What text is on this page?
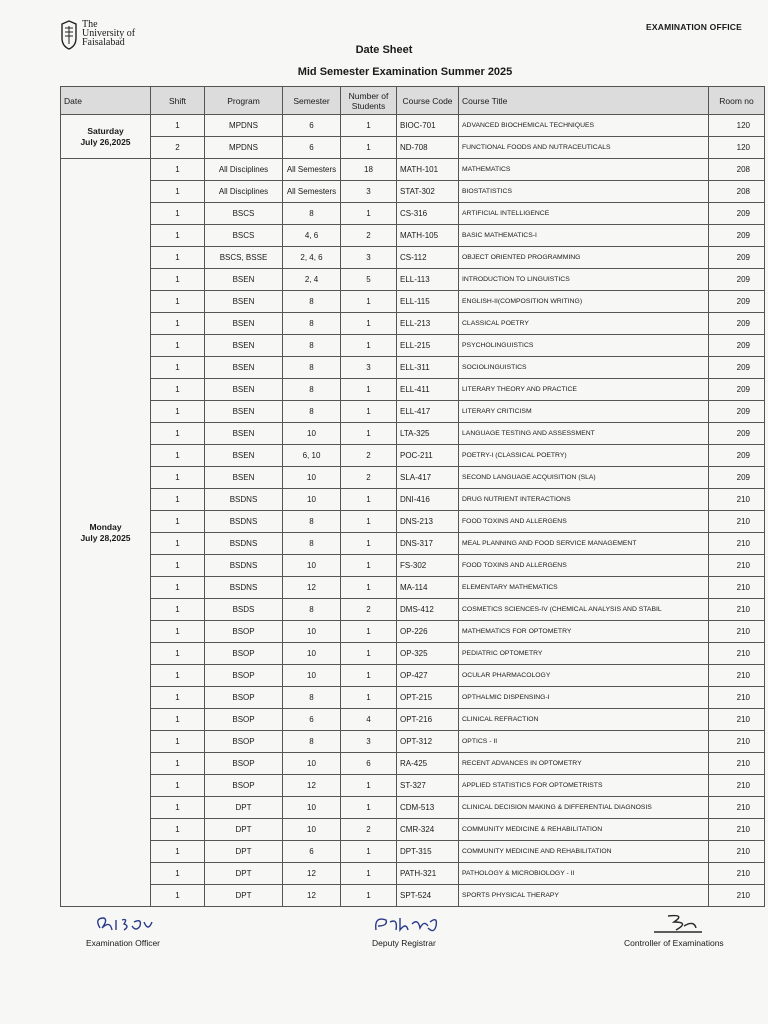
The
University of
Faisalabad
EXAMINATION OFFICE
Date Sheet
Mid Semester Examination Summer 2025
Date	Shift	Program	Semester	Number of Students	Course Code	Course Title	Room no

Saturday
July 26,2025	1	MPDNS	6	1	BIOC-701	ADVANCED BIOCHEMICAL TECHNIQUES	120
	2	MPDNS	6	1	ND-708	FUNCTIONAL FOODS AND NUTRACEUTICALS	120

Monday
July 28,2025	1	All Disciplines	All Semesters	18	MATH-101	MATHEMATICS	208
	1	All Disciplines	All Semesters	3	STAT-302	BIOSTATISTICS	208
	1	BSCS	8	1	CS-316	ARTIFICIAL INTELLIGENCE	209
	1	BSCS	4, 6	2	MATH-105	BASIC MATHEMATICS-I	209
	1	BSCS, BSSE	2, 4, 6	3	CS-112	OBJECT ORIENTED PROGRAMMING	209
	1	BSEN	2, 4	5	ELL-113	INTRODUCTION TO LINGUISTICS	209
	1	BSEN	8	1	ELL-115	ENGLISH-II(COMPOSITION WRITING)	209
	1	BSEN	8	1	ELL-213	CLASSICAL POETRY	209
	1	BSEN	8	1	ELL-215	PSYCHOLINGUISTICS	209
	1	BSEN	8	3	ELL-311	SOCIOLINGUISTICS	209
	1	BSEN	8	1	ELL-411	LITERARY THEORY AND PRACTICE	209
	1	BSEN	8	1	ELL-417	LITERARY CRITICISM	209
	1	BSEN	10	1	LTA-325	LANGUAGE TESTING AND ASSESSMENT	209
	1	BSEN	6, 10	2	POC-211	POETRY-I (CLASSICAL POETRY)	209
	1	BSEN	10	2	SLA-417	SECOND LANGUAGE ACQUISITION (SLA)	209
	1	BSDNS	10	1	DNI-416	DRUG NUTRIENT INTERACTIONS	210
	1	BSDNS	8	1	DNS-213	FOOD TOXINS AND ALLERGENS	210
	1	BSDNS	8	1	DNS-317	MEAL PLANNING AND FOOD SERVICE MANAGEMENT	210
	1	BSDNS	10	1	FS-302	FOOD TOXINS AND ALLERGENS	210
	1	BSDNS	12	1	MA-114	ELEMENTARY MATHEMATICS	210
	1	BSDS	8	2	DMS-412	COSMETICS SCIENCES-IV (CHEMICAL ANALYSIS AND STABIL	210
	1	BSOP	10	1	OP-226	MATHEMATICS FOR OPTOMETRY	210
	1	BSOP	10	1	OP-325	PEDIATRIC OPTOMETRY	210
	1	BSOP	10	1	OP-427	OCULAR PHARMACOLOGY	210
	1	BSOP	8	1	OPT-215	OPTHALMIC DISPENSING-I	210
	1	BSOP	6	4	OPT-216	CLINICAL REFRACTION	210
	1	BSOP	8	3	OPT-312	OPTICS - II	210
	1	BSOP	10	6	RA-425	RECENT ADVANCES IN OPTOMETRY	210
	1	BSOP	12	1	ST-327	APPLIED STATISTICS FOR OPTOMETRISTS	210
	1	DPT	10	1	CDM-513	CLINICAL DECISION MAKING & DIFFERENTIAL DIAGNOSIS	210
	1	DPT	10	2	CMR-324	COMMUNITY MEDICINE & REHABILITATION	210
	1	DPT	6	1	DPT-315	COMMUNITY MEDICINE AND REHABILITATION	210
	1	DPT	12	1	PATH-321	PATHOLOGY & MICROBIOLOGY - II	210
	1	DPT	12	1	SPT-524	SPORTS PHYSICAL THERAPY	210
Examination Officer	Deputy Registrar	Controller of Examinations
